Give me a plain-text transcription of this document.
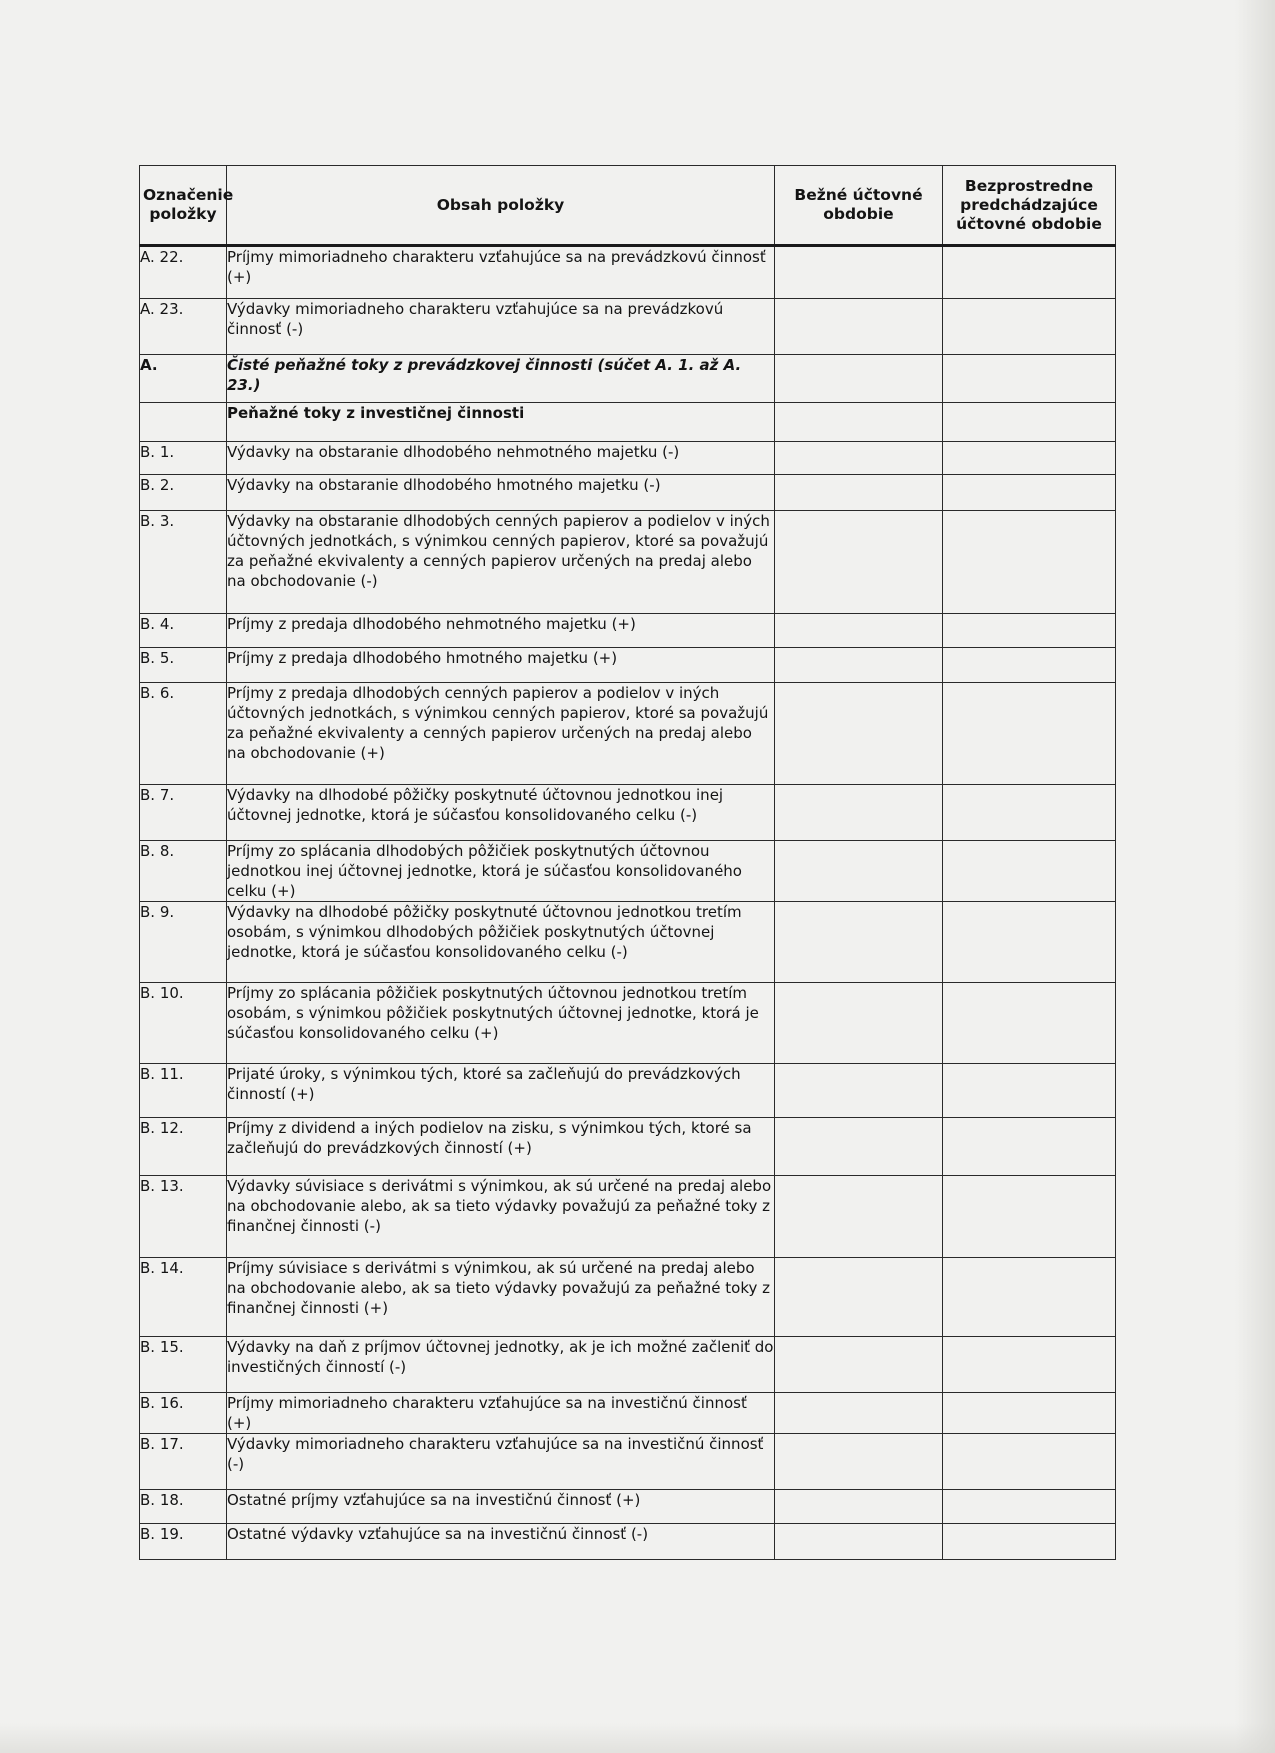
Označenie položky	Obsah položky	Bežné účtovné obdobie	Bezprostredne predchádzajúce účtovné obdobie

A. 22.	Príjmy mimoriadneho charakteru vzťahujúce sa na prevádzkovú činnosť (+)		
A. 23.	Výdavky mimoriadneho charakteru vzťahujúce sa na prevádzkovú činnosť (-)		
A.	Čisté peňažné toky z prevádzkovej činnosti (súčet A. 1. až A. 23.)		
	Peňažné toky z investičnej činnosti		
B. 1.	Výdavky na obstaranie dlhodobého nehmotného majetku (-)		
B. 2.	Výdavky na obstaranie dlhodobého hmotného majetku (-)		
B. 3.	Výdavky na obstaranie dlhodobých cenných papierov a podielov v iných účtovných jednotkách, s výnimkou cenných papierov, ktoré sa považujú za peňažné ekvivalenty a cenných papierov určených na predaj alebo na obchodovanie (-)		
B. 4.	Príjmy z predaja dlhodobého nehmotného majetku (+)		
B. 5.	Príjmy z predaja dlhodobého hmotného majetku (+)		
B. 6.	Príjmy z predaja dlhodobých cenných papierov a podielov v iných účtovných jednotkách, s výnimkou cenných papierov, ktoré sa považujú za peňažné ekvivalenty a cenných papierov určených na predaj alebo na obchodovanie (+)		
B. 7.	Výdavky na dlhodobé pôžičky poskytnuté účtovnou jednotkou inej účtovnej jednotke, ktorá je súčasťou konsolidovaného celku (-)		
B. 8.	Príjmy zo splácania dlhodobých pôžičiek poskytnutých účtovnou jednotkou inej účtovnej jednotke, ktorá je súčasťou konsolidovaného celku (+)		
B. 9.	Výdavky na dlhodobé pôžičky poskytnuté účtovnou jednotkou tretím osobám, s výnimkou dlhodobých pôžičiek poskytnutých účtovnej jednotke, ktorá je súčasťou konsolidovaného celku (-)		
B. 10.	Príjmy zo splácania pôžičiek poskytnutých účtovnou jednotkou tretím osobám, s výnimkou pôžičiek poskytnutých účtovnej jednotke, ktorá je súčasťou konsolidovaného celku (+)		
B. 11.	Prijaté úroky, s výnimkou tých, ktoré sa začleňujú do prevádzkových činností (+)		
B. 12.	Príjmy z dividend a iných podielov na zisku, s výnimkou tých, ktoré sa začleňujú do prevádzkových činností (+)		
B. 13.	Výdavky súvisiace s derivátmi s výnimkou, ak sú určené na predaj alebo na obchodovanie alebo, ak sa tieto výdavky považujú za peňažné toky z finančnej činnosti (-)		
B. 14.	Príjmy súvisiace s derivátmi s výnimkou, ak sú určené na predaj alebo na obchodovanie alebo, ak sa tieto výdavky považujú za peňažné toky z finančnej činnosti (+)		
B. 15.	Výdavky na daň z príjmov účtovnej jednotky, ak je ich možné začleniť do investičných činností (-)		
B. 16.	Príjmy mimoriadneho charakteru vzťahujúce sa na investičnú činnosť (+)		
B. 17.	Výdavky mimoriadneho charakteru vzťahujúce sa na investičnú činnosť (-)		
B. 18.	Ostatné príjmy vzťahujúce sa na investičnú činnosť (+)		
B. 19.	Ostatné výdavky vzťahujúce sa na investičnú činnosť (-)		
